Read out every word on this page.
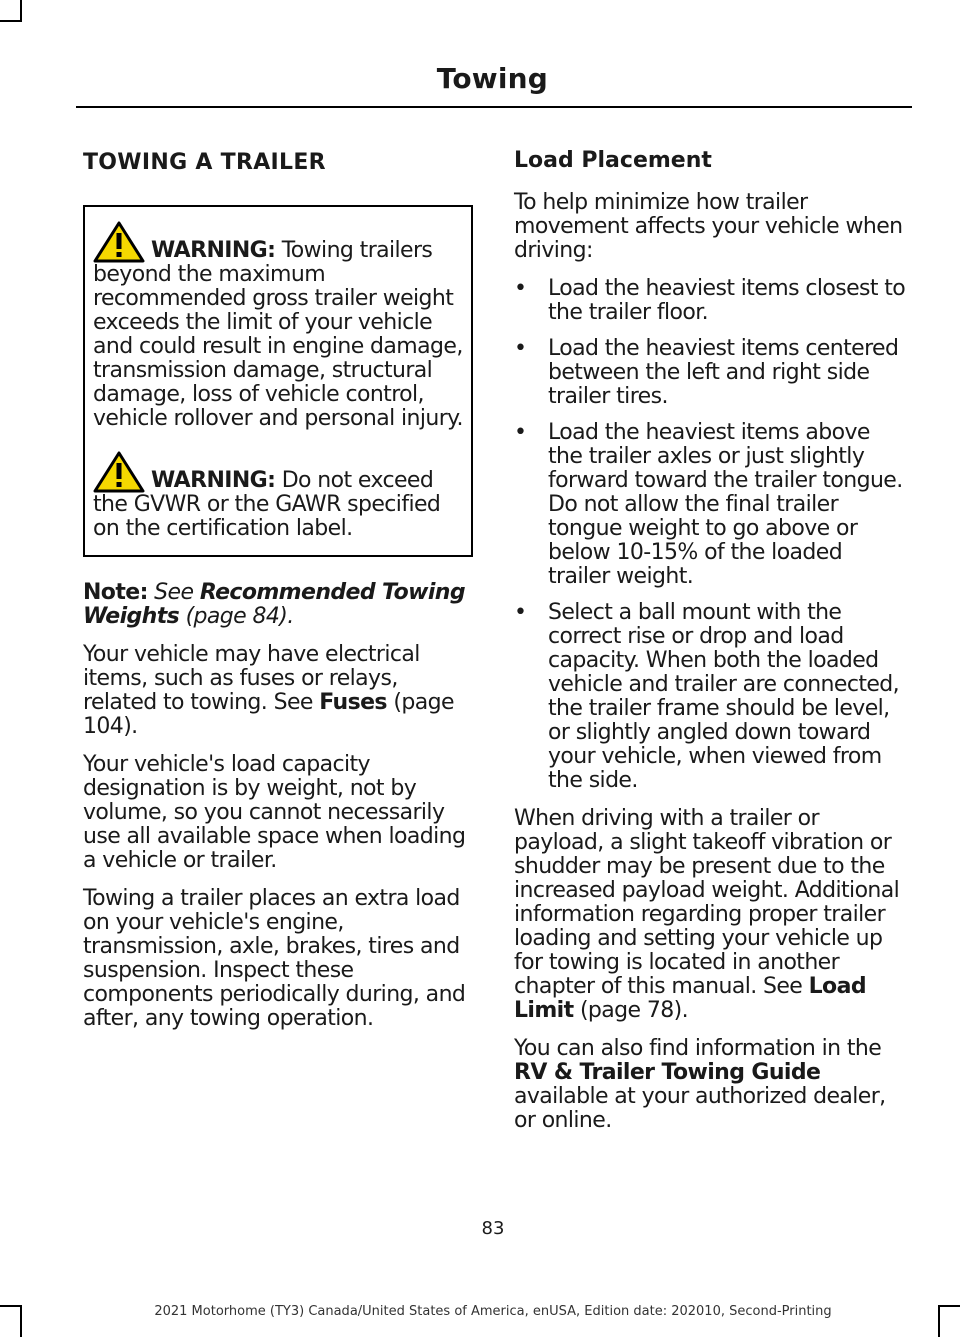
Towing
TOWING A TRAILER
WARNING: Towing trailers beyond the maximum recommended gross trailer weight exceeds the limit of your vehicle and could result in engine damage, transmission damage, structural damage, loss of vehicle control, vehicle rollover and personal injury.
WARNING: Do not exceed the GVWR or the GAWR specified on the certification label.

Note: See Recommended Towing Weights (page 84).

Your vehicle may have electrical items, such as fuses or relays, related to towing. See Fuses (page 104).

Your vehicle's load capacity designation is by weight, not by volume, so you cannot necessarily use all available space when loading a vehicle or trailer.

Towing a trailer places an extra load on your vehicle's engine, transmission, axle, brakes, tires and suspension. Inspect these components periodically during, and after, any towing operation.

Load Placement

To help minimize how trailer movement affects your vehicle when driving:

• Load the heaviest items closest to the trailer floor.
• Load the heaviest items centered between the left and right side trailer tires.
• Load the heaviest items above the trailer axles or just slightly forward toward the trailer tongue. Do not allow the final trailer tongue weight to go above or below 10-15% of the loaded trailer weight.
• Select a ball mount with the correct rise or drop and load capacity. When both the loaded vehicle and trailer are connected, the trailer frame should be level, or slightly angled down toward your vehicle, when viewed from the side.

When driving with a trailer or payload, a slight takeoff vibration or shudder may be present due to the increased payload weight. Additional information regarding proper trailer loading and setting your vehicle up for towing is located in another chapter of this manual. See Load Limit (page 78).

You can also find information in the RV & Trailer Towing Guide available at your authorized dealer, or online.

83
2021 Motorhome (TY3) Canada/United States of America, enUSA, Edition date: 202010, Second-Printing
